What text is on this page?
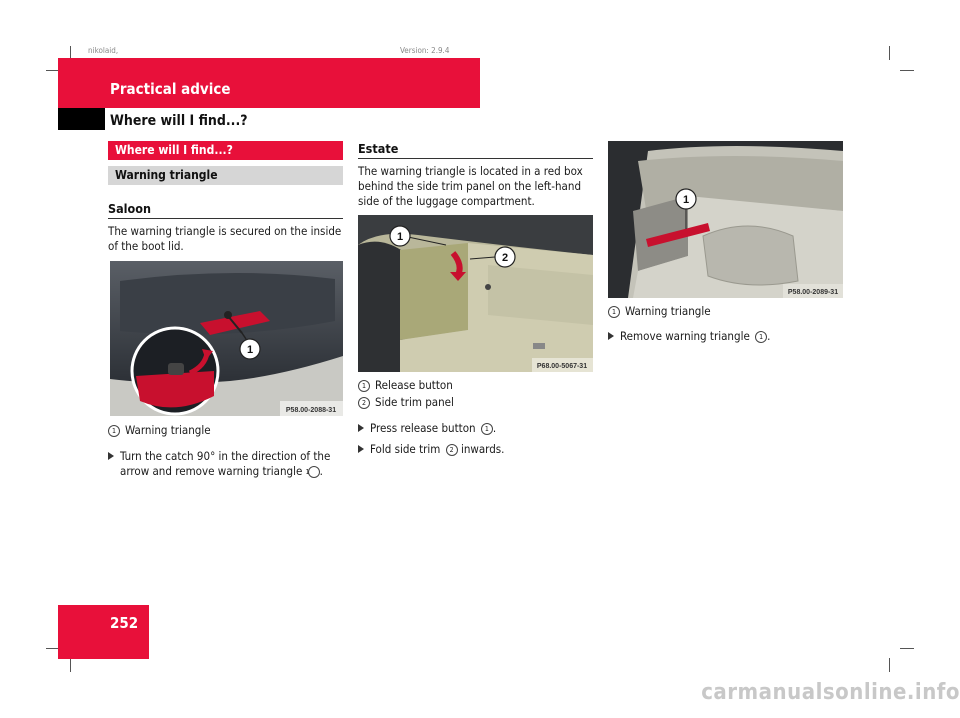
nikolaid,	Version: 2.9.4
Practical advice
Where will I find...?
Where will I find...?
Warning triangle
Saloon
The warning triangle is secured on the inside of the boot lid.
1
P58.00-2088-31
1 Warning triangle
Turn the catch 90° in the direction of the arrow and remove warning triangle 1 .
Estate
The warning triangle is located in a red box behind the side trim panel on the left-hand side of the luggage compartment.
1
2
P68.00-5067-31
1 Release button
2 Side trim panel
Press release button 1 .
Fold side trim 2 inwards.
1
P58.00-2089-31
1 Warning triangle
Remove warning triangle 1 .
252
carmanualsonline.info
